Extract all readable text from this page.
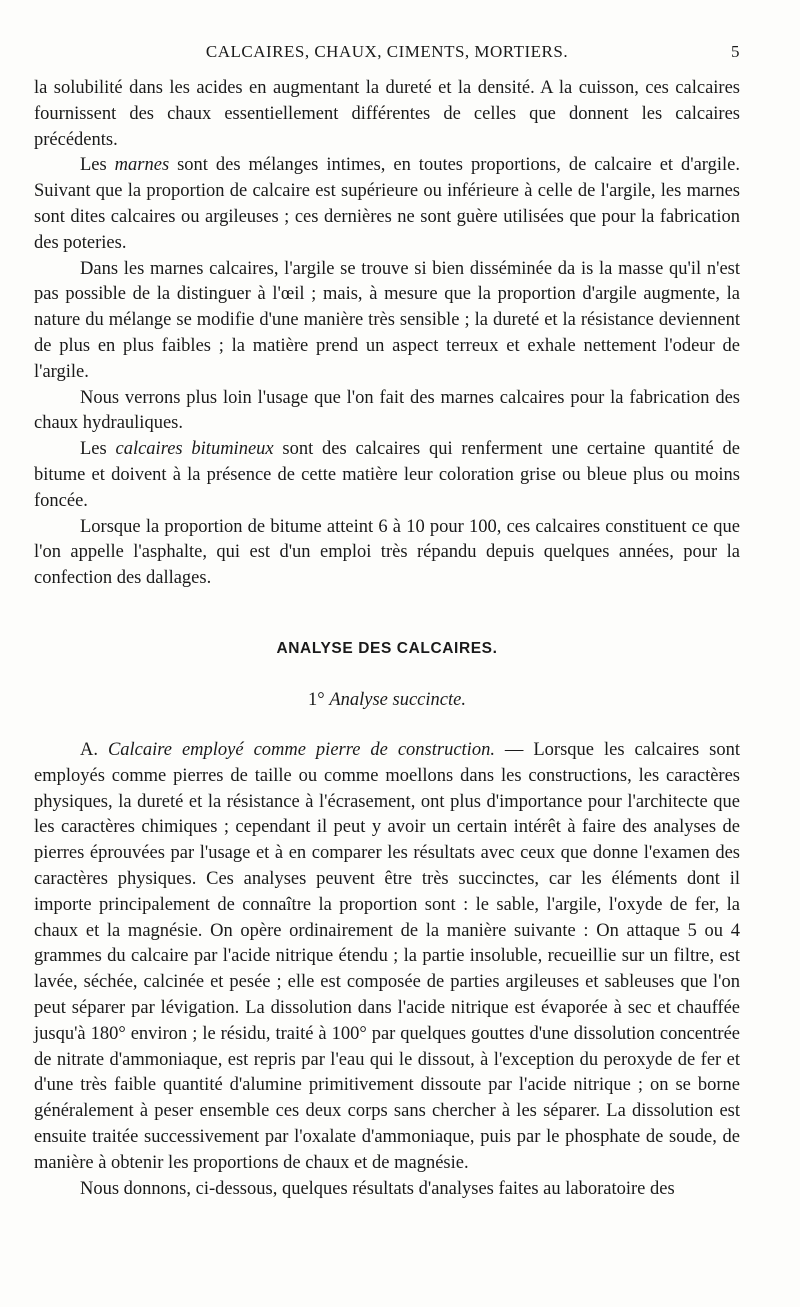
CALCAIRES, CHAUX, CIMENTS, MORTIERS.	5

la solubilité dans les acides en augmentant la dureté et la densité. A la cuisson, ces calcaires fournissent des chaux essentiellement différentes de celles que donnent les calcaires précédents.

Les marnes sont des mélanges intimes, en toutes proportions, de calcaire et d'argile. Suivant que la proportion de calcaire est supérieure ou inférieure à celle de l'argile, les marnes sont dites calcaires ou argileuses ; ces dernières ne sont guère utilisées que pour la fabrication des poteries.

Dans les marnes calcaires, l'argile se trouve si bien disséminée da is la masse qu'il n'est pas possible de la distinguer à l'œil ; mais, à mesure que la proportion d'argile augmente, la nature du mélange se modifie d'une manière très sensible ; la dureté et la résistance deviennent de plus en plus faibles ; la matière prend un aspect terreux et exhale nettement l'odeur de l'argile.

Nous verrons plus loin l'usage que l'on fait des marnes calcaires pour la fabrication des chaux hydrauliques.

Les calcaires bitumineux sont des calcaires qui renferment une certaine quantité de bitume et doivent à la présence de cette matière leur coloration grise ou bleue plus ou moins foncée.

Lorsque la proportion de bitume atteint 6 à 10 pour 100, ces calcaires constituent ce que l'on appelle l'asphalte, qui est d'un emploi très répandu depuis quelques années, pour la confection des dallages.

ANALYSE DES CALCAIRES.
1° Analyse succincte.

A. Calcaire employé comme pierre de construction. — Lorsque les calcaires sont employés comme pierres de taille ou comme moellons dans les constructions, les caractères physiques, la dureté et la résistance à l'écrasement, ont plus d'importance pour l'architecte que les caractères chimiques ; cependant il peut y avoir un certain intérêt à faire des analyses de pierres éprouvées par l'usage et à en comparer les résultats avec ceux que donne l'examen des caractères physiques. Ces analyses peuvent être très succinctes, car les éléments dont il importe principalement de connaître la proportion sont : le sable, l'argile, l'oxyde de fer, la chaux et la magnésie. On opère ordinairement de la manière suivante : On attaque 5 ou 4 grammes du calcaire par l'acide nitrique étendu ; la partie insoluble, recueillie sur un filtre, est lavée, séchée, calcinée et pesée ; elle est composée de parties argileuses et sableuses que l'on peut séparer par lévigation. La dissolution dans l'acide nitrique est évaporée à sec et chauffée jusqu'à 180° environ ; le résidu, traité à 100° par quelques gouttes d'une dissolution concentrée de nitrate d'ammoniaque, est repris par l'eau qui le dissout, à l'exception du peroxyde de fer et d'une très faible quantité d'alumine primitivement dissoute par l'acide nitrique ; on se borne généralement à peser ensemble ces deux corps sans chercher à les séparer. La dissolution est ensuite traitée successivement par l'oxalate d'ammoniaque, puis par le phosphate de soude, de manière à obtenir les proportions de chaux et de magnésie.

Nous donnons, ci-dessous, quelques résultats d'analyses faites au laboratoire des
